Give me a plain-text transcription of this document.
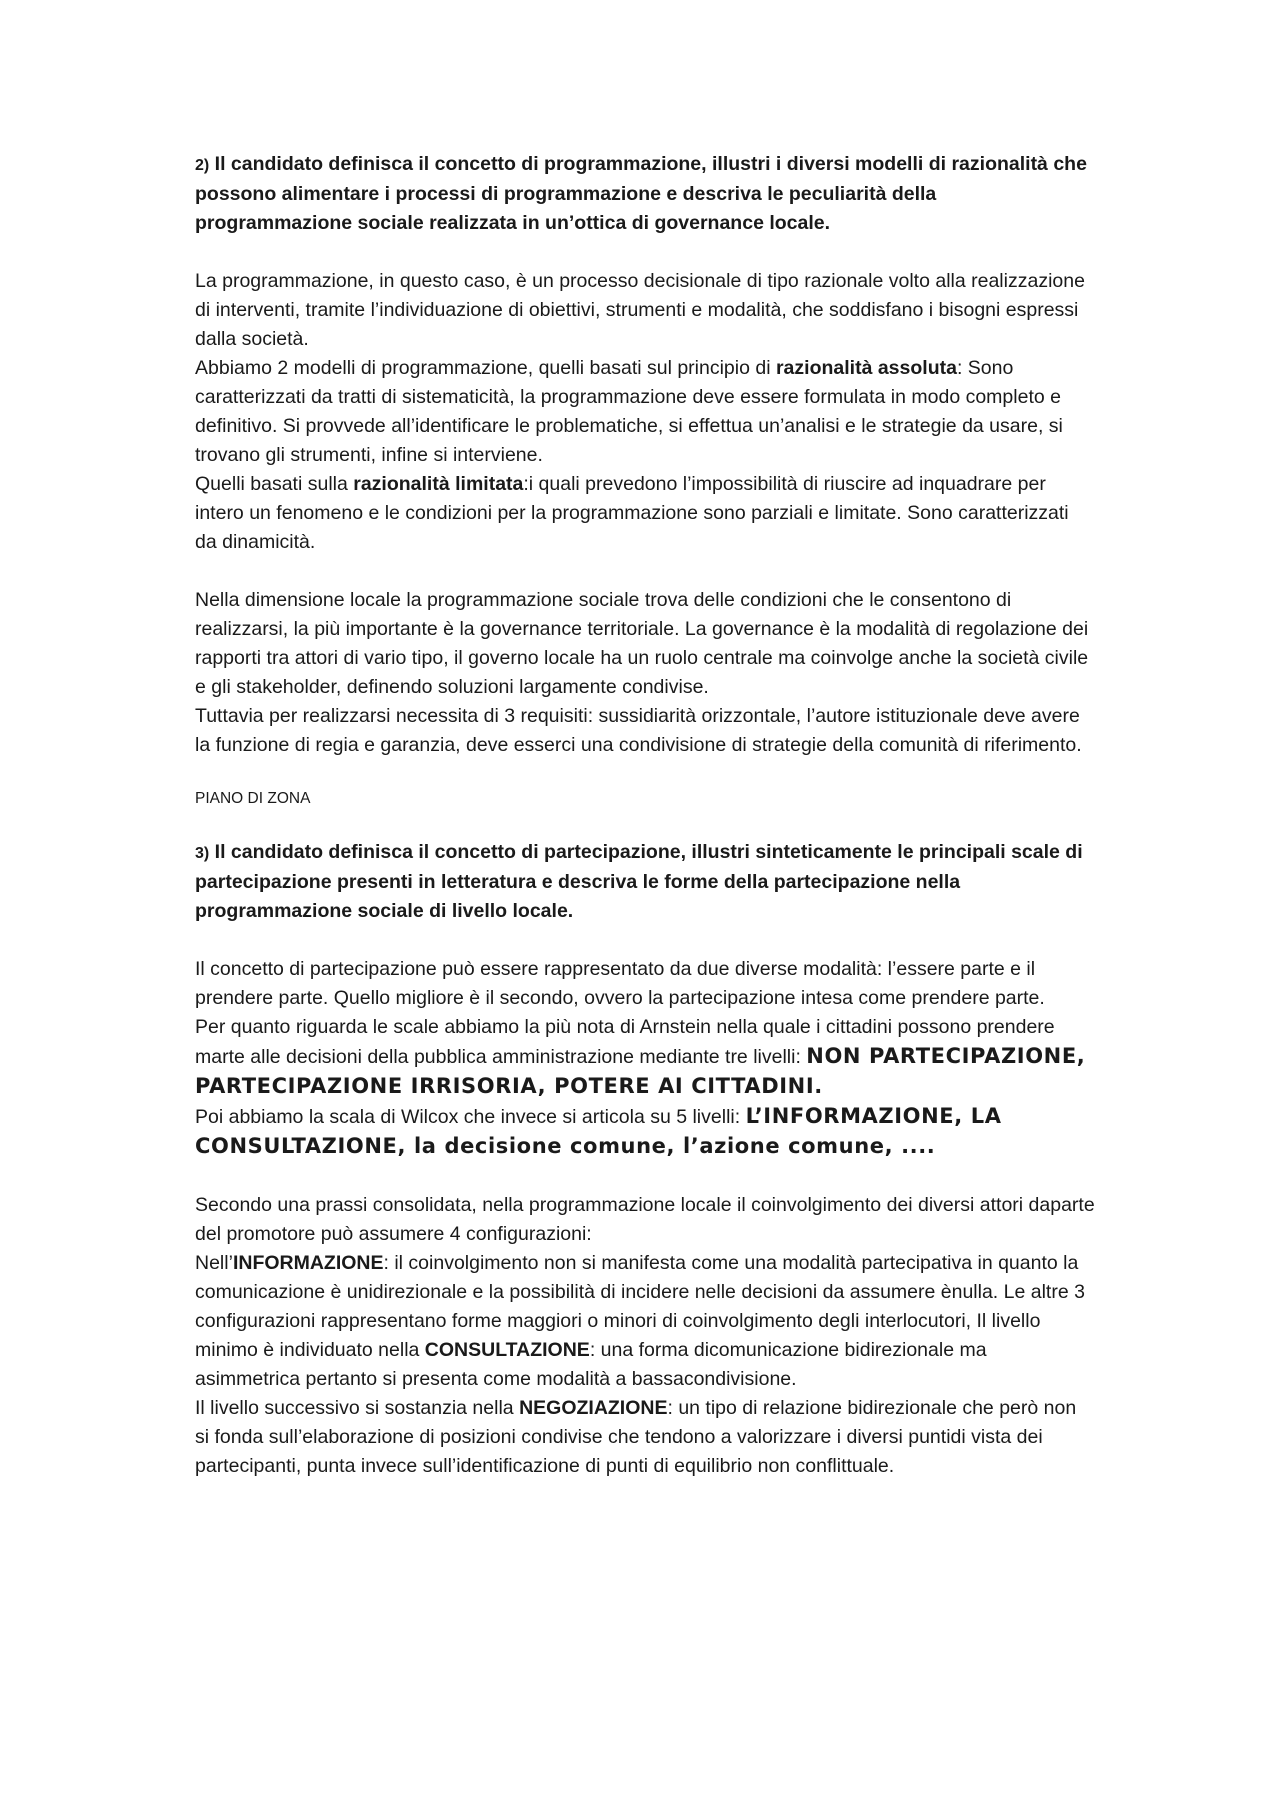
2) Il candidato definisca il concetto di programmazione, illustri i diversi modelli di razionalità che possono alimentare i processi di programmazione e descriva le peculiarità della programmazione sociale realizzata in un’ottica di governance locale.

La programmazione, in questo caso, è un processo decisionale di tipo razionale volto alla realizzazione di interventi, tramite l’individuazione di obiettivi, strumenti e modalità, che soddisfano i bisogni espressi dalla società.

Abbiamo 2 modelli di programmazione, quelli basati sul principio di razionalità assoluta: Sono caratterizzati da tratti di sistematicità, la programmazione deve essere formulata in modo completo e definitivo. Si provvede all’identificare le problematiche, si effettua un’analisi e le strategie da usare, si trovano gli strumenti, infine si interviene.

Quelli basati sulla razionalità limitata:i quali prevedono l’impossibilità di riuscire ad inquadrare per intero un fenomeno e le condizioni per la programmazione sono parziali e limitate. Sono caratterizzati da dinamicità.

Nella dimensione locale la programmazione sociale trova delle condizioni che le consentono di realizzarsi, la più importante è la governance territoriale. La governance è la modalità di regolazione dei rapporti tra attori di vario tipo, il governo locale ha un ruolo centrale ma coinvolge anche la società civile e gli stakeholder, definendo soluzioni largamente condivise.

Tuttavia per realizzarsi necessita di 3 requisiti: sussidiarità orizzontale, l’autore istituzionale deve avere la funzione di regia e garanzia, deve esserci una condivisione di strategie della comunità di riferimento.

PIANO DI ZONA

3) Il candidato definisca il concetto di partecipazione, illustri sinteticamente le principali scale di partecipazione presenti in letteratura e descriva le forme della partecipazione nella programmazione sociale di livello locale.

Il concetto di partecipazione può essere rappresentato da due diverse modalità: l’essere parte e il prendere parte. Quello migliore è il secondo, ovvero la partecipazione intesa come prendere parte.

Per quanto riguarda le scale abbiamo la più nota di Arnstein nella quale i cittadini possono prendere marte alle decisioni della pubblica amministrazione mediante tre livelli: NON PARTECIPAZIONE, PARTECIPAZIONE IRRISORIA, POTERE AI CITTADINI.

Poi abbiamo la scala di Wilcox che invece si articola su 5 livelli: L’INFORMAZIONE, LA CONSULTAZIONE, la decisione comune, l’azione comune, ....

Secondo una prassi consolidata, nella programmazione locale il coinvolgimento dei diversi attori daparte del promotore può assumere 4 configurazioni:

Nell’INFORMAZIONE: il coinvolgimento non si manifesta come una modalità partecipativa in quanto la comunicazione è unidirezionale e la possibilità di incidere nelle decisioni da assumere ènulla. Le altre 3 configurazioni rappresentano forme maggiori o minori di coinvolgimento degli interlocutori, Il livello minimo è individuato nella CONSULTAZIONE: una forma dicomunicazione bidirezionale ma asimmetrica pertanto si presenta come modalità a bassacondivisione.

Il livello successivo si sostanzia nella NEGOZIAZIONE: un tipo di relazione bidirezionale che però non si fonda sull’elaborazione di posizioni condivise che tendono a valorizzare i diversi puntidi vista dei partecipanti, punta invece sull’identificazione di punti di equilibrio non conflittuale.
